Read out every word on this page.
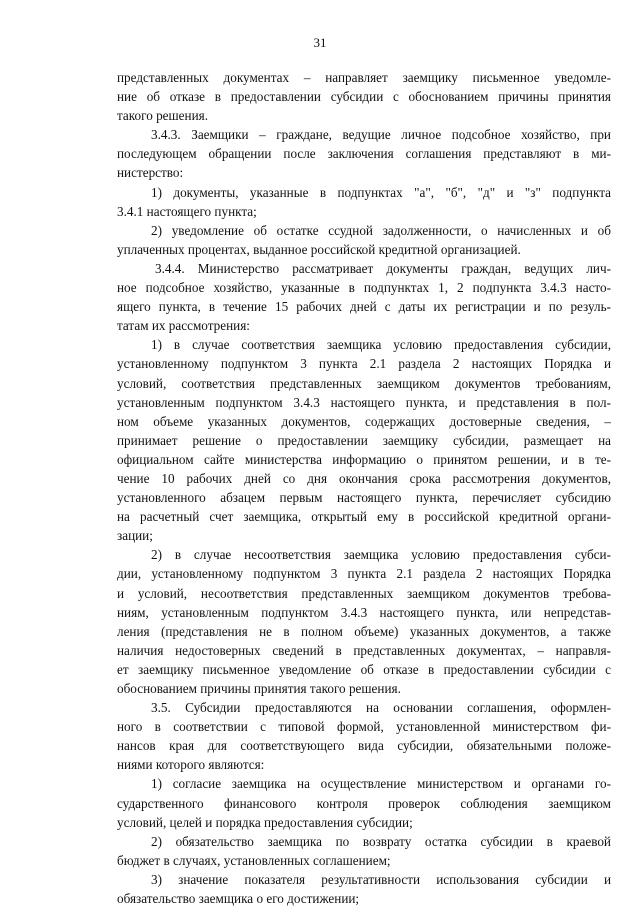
31
представленных документах – направляет заемщику письменное уведомле-
ние об отказе в предоставлении субсидии с обоснованием причины принятия
такого решения.
3.4.3. Заемщики – граждане, ведущие личное подсобное хозяйство, при
последующем обращении после заключения соглашения представляют в ми-
нистерство:
1) документы, указанные в подпунктах "а", "б", "д" и "з" подпункта
3.4.1 настоящего пункта;
2) уведомление об остатке ссудной задолженности, о начисленных и об
уплаченных процентах, выданное российской кредитной организацией.
3.4.4. Министерство рассматривает документы граждан, ведущих лич-
ное подсобное хозяйство, указанные в подпунктах 1, 2 подпункта 3.4.3 насто-
ящего пункта, в течение 15 рабочих дней с даты их регистрации и по резуль-
татам их рассмотрения:
1) в случае соответствия заемщика условию предоставления субсидии,
установленному подпунктом 3 пункта 2.1 раздела 2 настоящих Порядка и
условий, соответствия представленных заемщиком документов требованиям,
установленным подпунктом 3.4.3 настоящего пункта, и представления в пол-
ном объеме указанных документов, содержащих достоверные сведения, –
принимает решение о предоставлении заемщику субсидии, размещает на
официальном сайте министерства информацию о принятом решении, и в те-
чение 10 рабочих дней со дня окончания срока рассмотрения документов,
установленного абзацем первым настоящего пункта, перечисляет субсидию
на расчетный счет заемщика, открытый ему в российской кредитной органи-
зации;
2) в случае несоответствия заемщика условию предоставления субси-
дии, установленному подпунктом 3 пункта 2.1 раздела 2 настоящих Порядка
и условий, несоответствия представленных заемщиком документов требова-
ниям, установленным подпунктом 3.4.3 настоящего пункта, или непредстав-
ления (представления не в полном объеме) указанных документов, а также
наличия недостоверных сведений в представленных документах, – направля-
ет заемщику письменное уведомление об отказе в предоставлении субсидии с
обоснованием причины принятия такого решения.
3.5. Субсидии предоставляются на основании соглашения, оформлен-
ного в соответствии с типовой формой, установленной министерством фи-
нансов края для соответствующего вида субсидии, обязательными положе-
ниями которого являются:
1) согласие заемщика на осуществление министерством и органами го-
сударственного финансового контроля проверок соблюдения заемщиком
условий, целей и порядка предоставления субсидии;
2) обязательство заемщика по возврату остатка субсидии в краевой
бюджет в случаях, установленных соглашением;
3) значение показателя результативности использования субсидии и
обязательство заемщика о его достижении;
